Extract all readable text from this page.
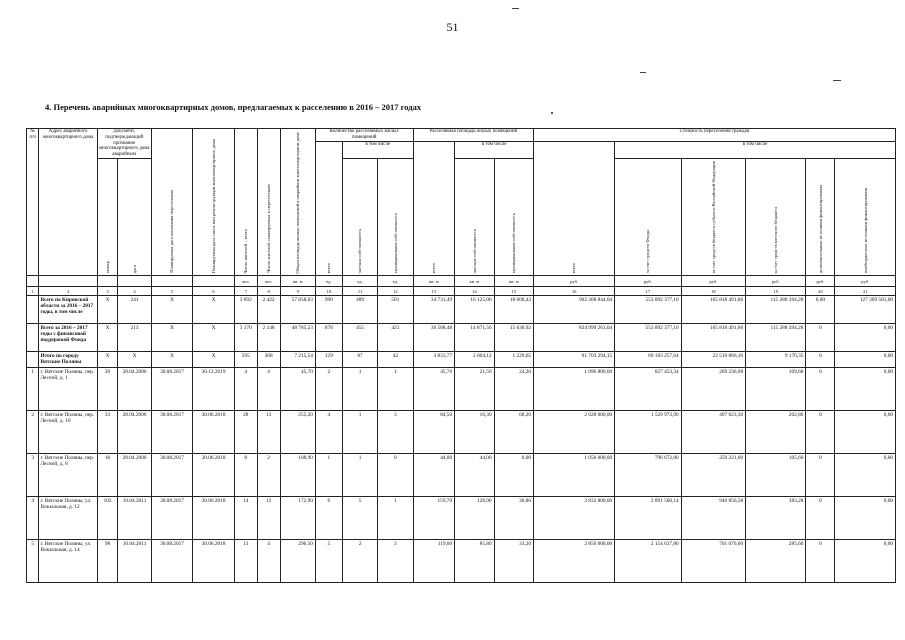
51
4. Перечень аварийных многоквартирных домов, предлагаемых к расселению в 2016 – 2017 годах
№ п/п	Адрес аварийного многоквартирного дома	Документ, подтверждающий признание многоквартирного дома аварийным		Планируемая дата окончания переселения	Планируемая дата сноса или реконструкции многоквартирного дома	Число жителей – всего	Число жителей, планируемых к переселению	Общая площадь жилых помещений в аварийном многоквартирном доме	Количество расселяемых жилых помещений			Расселяемая площадь жилых помещений			Стоимость переселения граждан					

									всего	в том числе		всего	в том числе		всего	в том числе				

		номер	дата							частная собственность	муниципальная собственность		частная собственность	муниципальная собственность		за счет средств Фонда	за счет средств бюджета субъекта Российской Федерации	за счет средств местного бюджета	дополнительные источники финансирования	внебюджетные источники финансирования

						чел.	чел.	кв. м	ед.	ед.	ед.	кв. м	кв. м	кв. м	руб.	руб.	руб.	руб.	руб.	руб.
1	2	3	4	5	6	7	8	9	10	11	12	13	14	15	16	17	18	19	20	21
	Всего по Кировской области за 2016 – 2017 годы, в том числе	X	241	X	X	3 692	2 422	57 858,03	990	489	501	34 731,49	16 125,06	18 606,43	962 308 844,04	553 892 377,10	165 818 491,66	115 288 394,28	0,00	127 309 581,00
	Всего за 2016 – 2017 годы с финансовой поддержкой Фонда	X	213	X	X	3 170	2 148	48 785,23	878	455	423	30 508,48	14 871,56	15 636,92	834 999 263,04	553 892 377,10	165 818 491,66	115 288 394,28	0	0,00
	Итого по городу Вятские Поляны	X	X	X	X	595	308	7 215,54	129	87	42	3 833,77	2 604,12	1 229,65	91 703 294,15	69 183 257,64	22 510 866,16	9 170,35	0	0,00
1	г. Вятские Поляны, пер. Лесной, д. 1	20	28.04.2006	30.08.2017	30.12.2019	4	4	45,70	2	1	1	45,70	21,50	24,20	1 096 800,00	827 453,34	269 236,98	109,68	0	0,00
2	г. Вятские Поляны, пер. Лесной, д. 10	33	28.04.2006	30.08.2017	30.06.2018	28	13	255,20	4	1	3	84,50	16,30	68,20	2 028 000,00	1 529 973,90	497 823,30	202,80	0	0,00
3	г. Вятские Поляны, пер. Лесной, д. 8	16	28.04.2006	30.08.2017	30.06.2018	8	2	108,90	1	1	0	44,00	44,00	0,00	1 056 000,00	796 672,80	259 221,60	105,60	0	0,00
4	г. Вятские Поляны, ул. Вокзальная, д. 12	102	10.04.2011	30.08.2017	30.06.2018	14	12	172,90	6	5	1	159,70	128,90	30,80	3 832 800,00	2 891 560,14	940 856,58	383,28	0	0,00
5	г. Вятские Поляны, ул. Вокзальная, д. 14	98	10.04.2011	30.08.2017	30.06.2018	13	4	296,50	5	2	3	119,00	85,80	33,20	2 856 000,00	2 154 637,80	701 076,60	285,60	0	0,00
